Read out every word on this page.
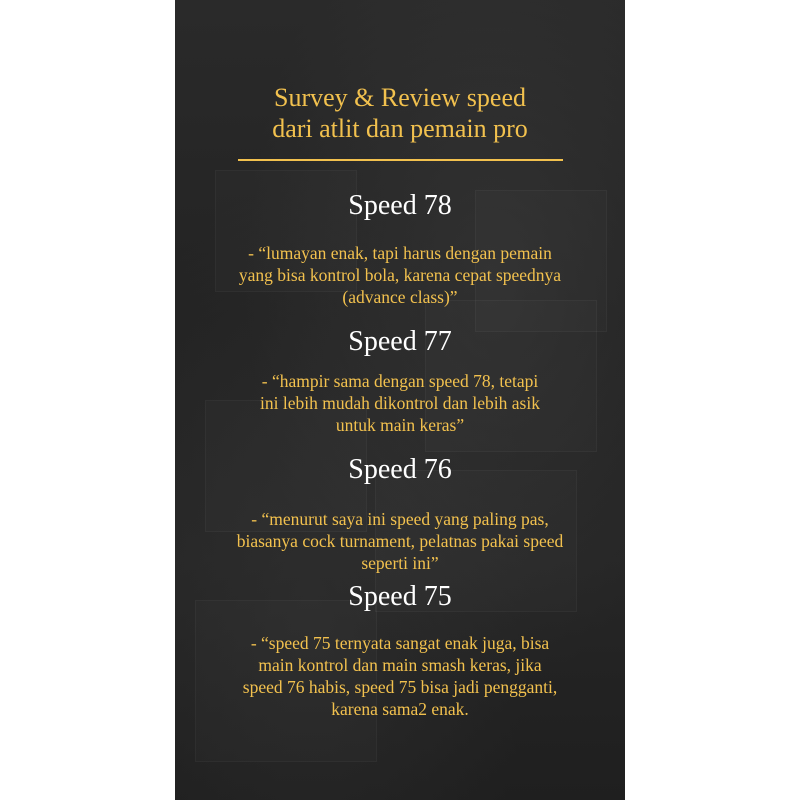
Survey & Review speed
dari atlit dan pemain pro
Speed 78

- “lumayan enak, tapi harus dengan pemain
yang bisa kontrol bola, karena cepat speednya
(advance class)”

Speed 77

- “hampir sama dengan speed 78, tetapi
ini lebih mudah dikontrol dan lebih asik
untuk main keras”

Speed 76

- “menurut saya ini speed yang paling pas,
biasanya cock turnament, pelatnas pakai speed
seperti ini”

Speed 75

- “speed 75 ternyata sangat enak juga, bisa
main kontrol dan main smash keras, jika
speed 76 habis, speed 75 bisa jadi pengganti,
karena sama2 enak.
